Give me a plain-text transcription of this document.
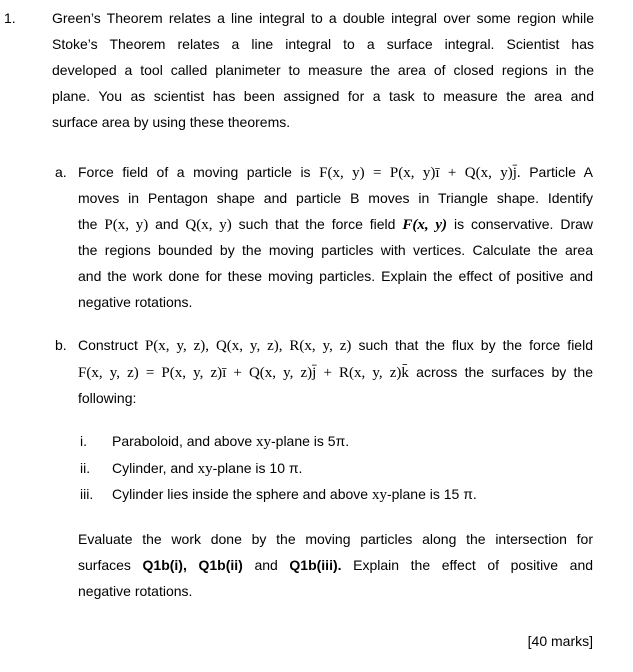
1.	Green’s Theorem relates a line integral to a double integral over some region while
Stoke’s Theorem relates a line integral to a surface integral. Scientist has
developed a tool called planimeter to measure the area of closed regions in the
plane. You as scientist has been assigned for a task to measure the area and
surface area by using these theorems.
a. Force field of a moving particle is F(x, y) = P(x, y)ī + Q(x, y)j̄. Particle A
moves in Pentagon shape and particle B moves in Triangle shape. Identify
the P(x, y) and Q(x, y) such that the force field F(x, y) is conservative. Draw
the regions bounded by the moving particles with vertices. Calculate the area
and the work done for these moving particles. Explain the effect of positive and
negative rotations.
b. Construct P(x, y, z), Q(x, y, z), R(x, y, z) such that the flux by the force field
F(x, y, z) = P(x, y, z)ī + Q(x, y, z)j̄ + R(x, y, z)k̄ across the surfaces by the
following:
i. Paraboloid, and above xy-plane is 5π.
ii. Cylinder, and xy-plane is 10 π.
iii. Cylinder lies inside the sphere and above xy-plane is 15 π.
Evaluate the work done by the moving particles along the intersection for
surfaces Q1b(i), Q1b(ii) and Q1b(iii). Explain the effect of positive and
negative rotations.
[40 marks]
